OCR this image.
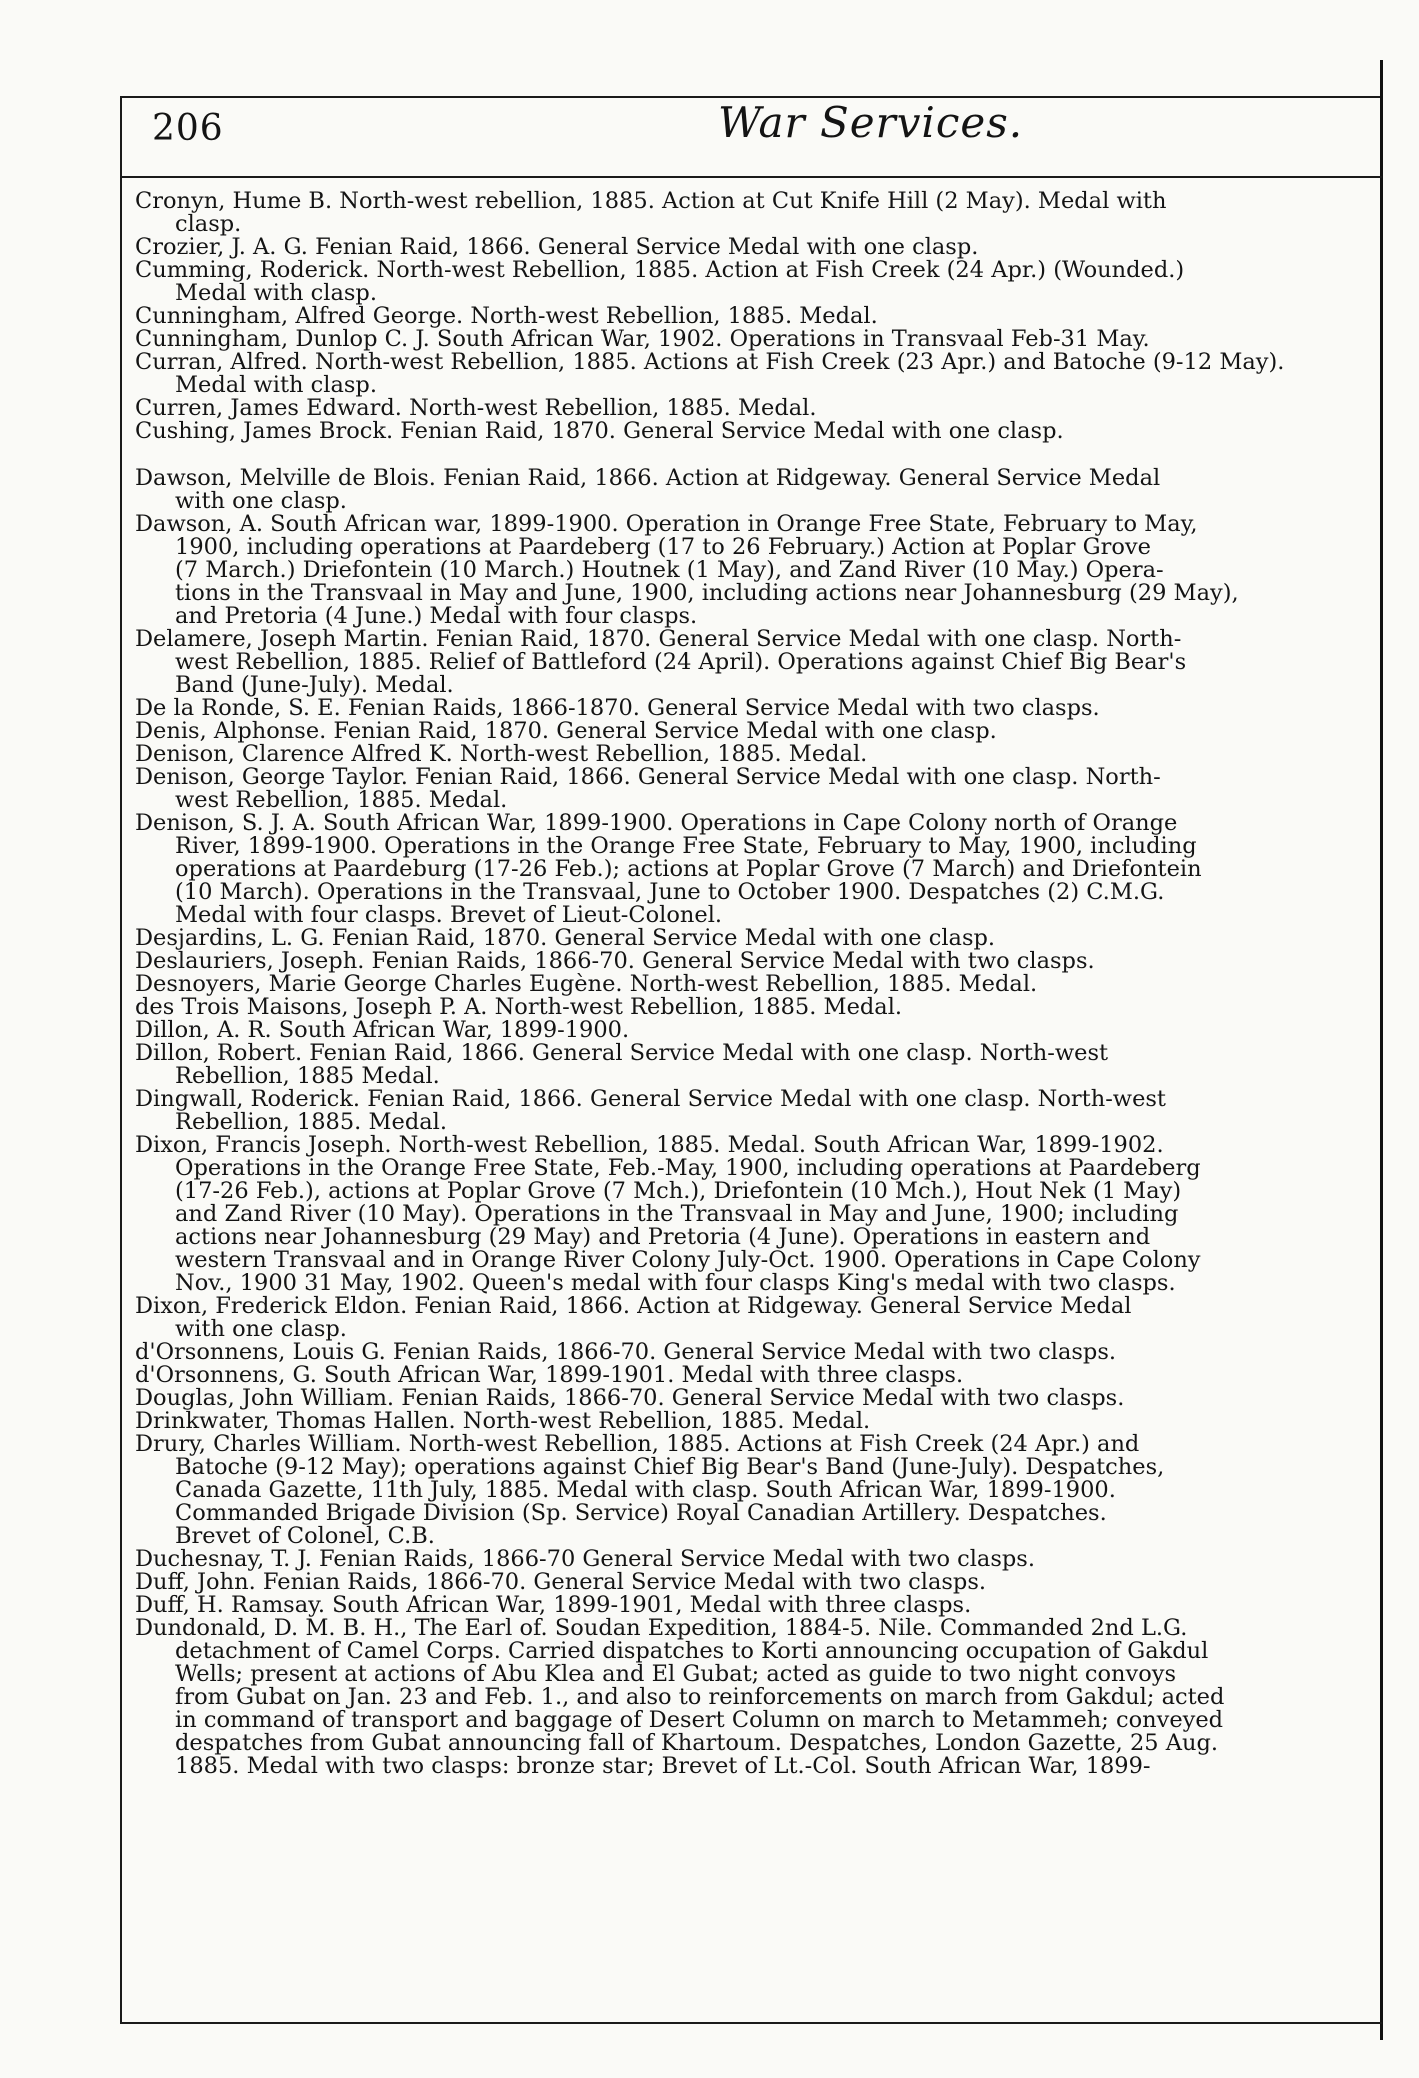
206	War Services.
Cronyn, Hume B. North-west rebellion, 1885. Action at Cut Knife Hill (2 May). Medal with
clasp.
Crozier, J. A. G. Fenian Raid, 1866. General Service Medal with one clasp.
Cumming, Roderick. North-west Rebellion, 1885. Action at Fish Creek (24 Apr.) (Wounded.)
Medal with clasp.
Cunningham, Alfred George. North-west Rebellion, 1885. Medal.
Cunningham, Dunlop C. J. South African War, 1902. Operations in Transvaal Feb-31 May.
Curran, Alfred. North-west Rebellion, 1885. Actions at Fish Creek (23 Apr.) and Batoche (9-12 May).
Medal with clasp.
Curren, James Edward. North-west Rebellion, 1885. Medal.
Cushing, James Brock. Fenian Raid, 1870. General Service Medal with one clasp.
Dawson, Melville de Blois. Fenian Raid, 1866. Action at Ridgeway. General Service Medal
with one clasp.
Dawson, A. South African war, 1899-1900. Operation in Orange Free State, February to May,
1900, including operations at Paardeberg (17 to 26 February.) Action at Poplar Grove
(7 March.) Driefontein (10 March.) Houtnek (1 May), and Zand River (10 May.) Opera-
tions in the Transvaal in May and June, 1900, including actions near Johannesburg (29 May),
and Pretoria (4 June.) Medal with four clasps.
Delamere, Joseph Martin. Fenian Raid, 1870. General Service Medal with one clasp. North-
west Rebellion, 1885. Relief of Battleford (24 April). Operations against Chief Big Bear's
Band (June-July). Medal.
De la Ronde, S. E. Fenian Raids, 1866-1870. General Service Medal with two clasps.
Denis, Alphonse. Fenian Raid, 1870. General Service Medal with one clasp.
Denison, Clarence Alfred K. North-west Rebellion, 1885. Medal.
Denison, George Taylor. Fenian Raid, 1866. General Service Medal with one clasp. North-
west Rebellion, 1885. Medal.
Denison, S. J. A. South African War, 1899-1900. Operations in Cape Colony north of Orange
River, 1899-1900. Operations in the Orange Free State, February to May, 1900, including
operations at Paardeburg (17-26 Feb.); actions at Poplar Grove (7 March) and Driefontein
(10 March). Operations in the Transvaal, June to October 1900. Despatches (2) C.M.G.
Medal with four clasps. Brevet of Lieut-Colonel.
Desjardins, L. G. Fenian Raid, 1870. General Service Medal with one clasp.
Deslauriers, Joseph. Fenian Raids, 1866-70. General Service Medal with two clasps.
Desnoyers, Marie George Charles Eugène. North-west Rebellion, 1885. Medal.
des Trois Maisons, Joseph P. A. North-west Rebellion, 1885. Medal.
Dillon, A. R. South African War, 1899-1900.
Dillon, Robert. Fenian Raid, 1866. General Service Medal with one clasp. North-west
Rebellion, 1885 Medal.
Dingwall, Roderick. Fenian Raid, 1866. General Service Medal with one clasp. North-west
Rebellion, 1885. Medal.
Dixon, Francis Joseph. North-west Rebellion, 1885. Medal. South African War, 1899-1902.
Operations in the Orange Free State, Feb.-May, 1900, including operations at Paardeberg
(17-26 Feb.), actions at Poplar Grove (7 Mch.), Driefontein (10 Mch.), Hout Nek (1 May)
and Zand River (10 May). Operations in the Transvaal in May and June, 1900; including
actions near Johannesburg (29 May) and Pretoria (4 June). Operations in eastern and
western Transvaal and in Orange River Colony July-Oct. 1900. Operations in Cape Colony
Nov., 1900 31 May, 1902. Queen's medal with four clasps King's medal with two clasps.
Dixon, Frederick Eldon. Fenian Raid, 1866. Action at Ridgeway. General Service Medal
with one clasp.
d'Orsonnens, Louis G. Fenian Raids, 1866-70. General Service Medal with two clasps.
d'Orsonnens, G. South African War, 1899-1901. Medal with three clasps.
Douglas, John William. Fenian Raids, 1866-70. General Service Medal with two clasps.
Drinkwater, Thomas Hallen. North-west Rebellion, 1885. Medal.
Drury, Charles William. North-west Rebellion, 1885. Actions at Fish Creek (24 Apr.) and
Batoche (9-12 May); operations against Chief Big Bear's Band (June-July). Despatches,
Canada Gazette, 11th July, 1885. Medal with clasp. South African War, 1899-1900.
Commanded Brigade Division (Sp. Service) Royal Canadian Artillery. Despatches.
Brevet of Colonel, C.B.
Duchesnay, T. J. Fenian Raids, 1866-70 General Service Medal with two clasps.
Duff, John. Fenian Raids, 1866-70. General Service Medal with two clasps.
Duff, H. Ramsay. South African War, 1899-1901, Medal with three clasps.
Dundonald, D. M. B. H., The Earl of. Soudan Expedition, 1884-5. Nile. Commanded 2nd L.G.
detachment of Camel Corps. Carried dispatches to Korti announcing occupation of Gakdul
Wells; present at actions of Abu Klea and El Gubat; acted as guide to two night convoys
from Gubat on Jan. 23 and Feb. 1., and also to reinforcements on march from Gakdul; acted
in command of transport and baggage of Desert Column on march to Metammeh; conveyed
despatches from Gubat announcing fall of Khartoum. Despatches, London Gazette, 25 Aug.
1885. Medal with two clasps: bronze star; Brevet of Lt.-Col. South African War, 1899-
